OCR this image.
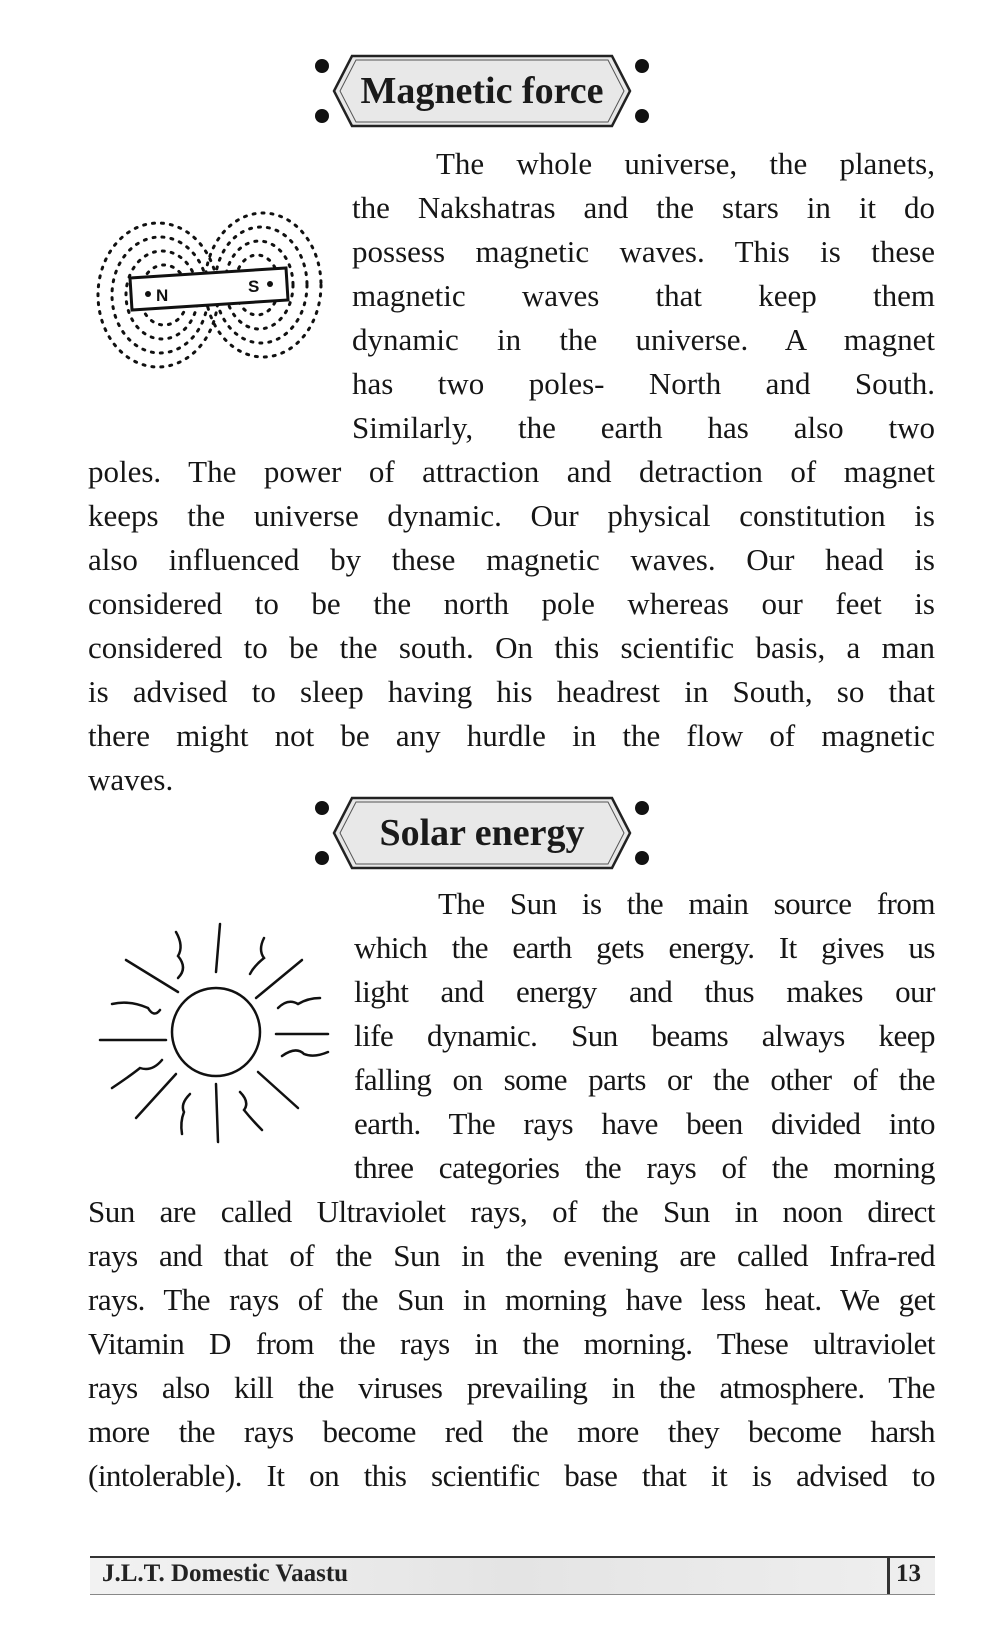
Magnetic force
N	S
The whole universe, the planets,
the Nakshatras and the stars in it do
possess magnetic waves. This is these
magnetic waves that keep them
dynamic in the universe. A magnet
has two poles- North and South.
Similarly, the earth has also two
poles. The power of attraction and detraction of magnet
keeps the universe dynamic. Our physical constitution is
also influenced by these magnetic waves. Our head is
considered to be the north pole whereas our feet is
considered to be the south. On this scientific basis, a man
is advised to sleep having his headrest in South, so that
there might not be any hurdle in the flow of magnetic
waves.
Solar energy
The Sun is the main source from
which the earth gets energy. It gives us
light and energy and thus makes our
life dynamic. Sun beams always keep
falling on some parts or the other of the
earth. The rays have been divided into
three categories the rays of the morning
Sun are called Ultraviolet rays, of the Sun in noon direct
rays and that of the Sun in the evening are called Infra-red
rays. The rays of the Sun in morning have less heat. We get
Vitamin D from the rays in the morning. These ultraviolet
rays also kill the viruses prevailing in the atmosphere. The
more the rays become red the more they become harsh
(intolerable). It on this scientific base that it is advised to
J.L.T. Domestic Vaastu	13
